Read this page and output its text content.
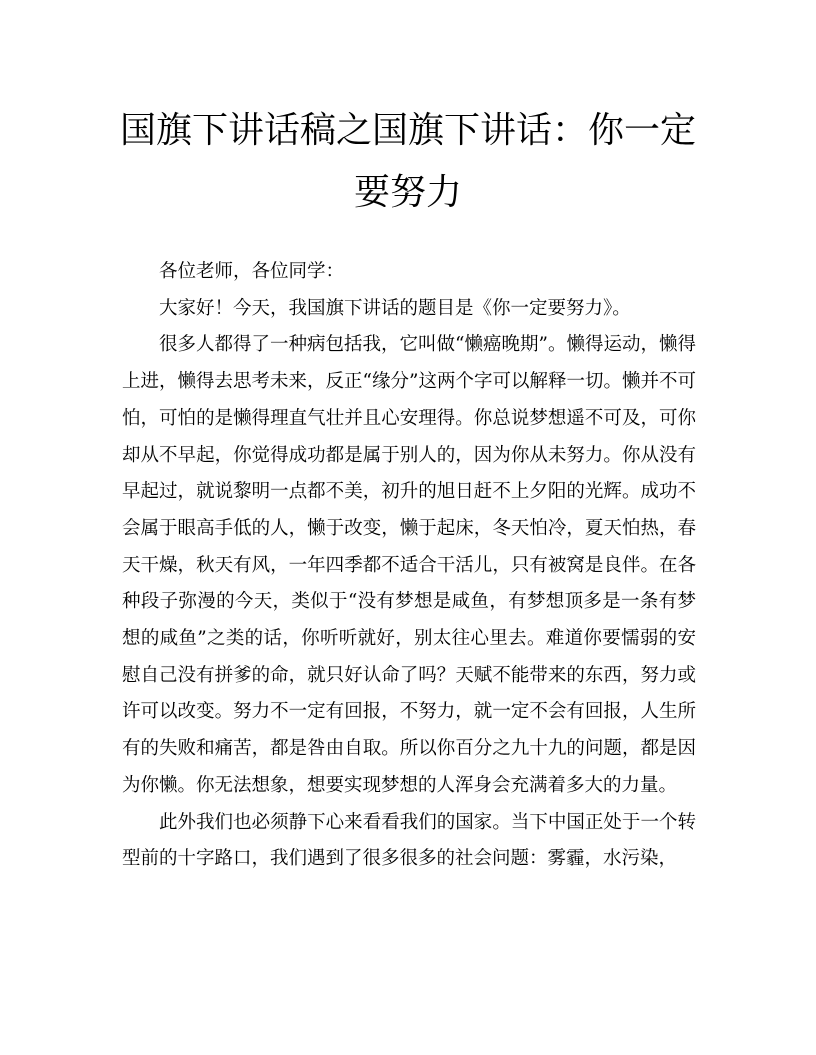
国旗下讲话稿之国旗下讲话：你一定要努力

各位老师，各位同学：

大家好！今天，我国旗下讲话的题目是《你一定要努力》。

很多人都得了一种病包括我，它叫做“懒癌晚期”。懒得运动，懒得上进，懒得去思考未来，反正“缘分”这两个字可以解释一切。懒并不可怕，可怕的是懒得理直气壮并且心安理得。你总说梦想遥不可及，可你却从不早起，你觉得成功都是属于别人的，因为你从未努力。你从没有早起过，就说黎明一点都不美，初升的旭日赶不上夕阳的光辉。成功不会属于眼高手低的人，懒于改变，懒于起床，冬天怕冷，夏天怕热，春天干燥，秋天有风，一年四季都不适合干活儿，只有被窝是良伴。在各种段子弥漫的今天，类似于“没有梦想是咸鱼，有梦想顶多是一条有梦想的咸鱼”之类的话，你听听就好，别太往心里去。难道你要懦弱的安慰自己没有拼爹的命，就只好认命了吗？天赋不能带来的东西，努力或许可以改变。努力不一定有回报，不努力，就一定不会有回报，人生所有的失败和痛苦，都是咎由自取。所以你百分之九十九的问题，都是因为你懒。你无法想象，想要实现梦想的人浑身会充满着多大的力量。

此外我们也必须静下心来看看我们的国家。当下中国正处于一个转型前的十字路口，我们遇到了很多很多的社会问题：雾霾，水污染，
